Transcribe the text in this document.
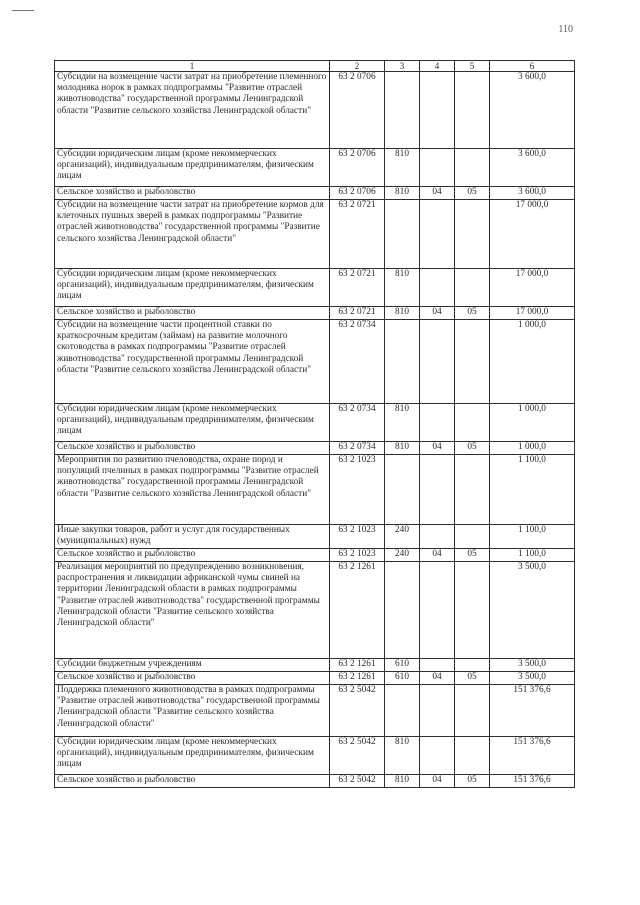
110
1	2	3	4	5	6
Субсидии на возмещение части затрат на приобретение племенного молодняка норок в рамках подпрограммы "Развитие отраслей животноводства" государственной программы Ленинградской области "Развитие сельского хозяйства Ленинградской области"	63 2 0706				3 600,0
Субсидии юридическим лицам (кроме некоммерческих организаций), индивидуальным предпринимателям, физическим лицам	63 2 0706	810			3 600,0
Сельское хозяйство и рыболовство	63 2 0706	810	04	05	3 600,0
Субсидии на возмещение части затрат на приобретение кормов для клеточных пушных зверей в рамках подпрограммы "Развитие отраслей животноводства" государственной программы "Развитие сельского хозяйства Ленинградской области"	63 2 0721				17 000,0
Субсидии юридическим лицам (кроме некоммерческих организаций), индивидуальным предпринимателям, физическим лицам	63 2 0721	810			17 000,0
Сельское хозяйство и рыболовство	63 2 0721	810	04	05	17 000,0
Субсидии на возмещение части процентной ставки по краткосрочным кредитам (займам) на развитие молочного скотоводства в рамках подпрограммы "Развитие отраслей животноводства" государственной программы Ленинградской области "Развитие сельского хозяйства Ленинградской области"	63 2 0734				1 000,0
Субсидии юридическим лицам (кроме некоммерческих организаций), индивидуальным предпринимателям, физическим лицам	63 2 0734	810			1 000,0
Сельское хозяйство и рыболовство	63 2 0734	810	04	05	1 000,0
Мероприятия по развитию пчеловодства, охране пород и популяций пчелиных в рамках подпрограммы "Развитие отраслей животноводства" государственной программы Ленинградской области "Развитие сельского хозяйства Ленинградской области"	63 2 1023				1 100,0
Иные закупки товаров, работ и услуг для государственных (муниципальных) нужд	63 2 1023	240			1 100,0
Сельское хозяйство и рыболовство	63 2 1023	240	04	05	1 100,0
Реализация мероприятий по предупреждению возникновения, распространения и ликвидации африканской чумы свиней на территории Ленинградской области в рамках подпрограммы "Развитие отраслей животноводства" государственной программы Ленинградской области "Развитие сельского хозяйства Ленинградской области"	63 2 1261				3 500,0
Субсидии бюджетным учреждениям	63 2 1261	610			3 500,0
Сельское хозяйство и рыболовство	63 2 1261	610	04	05	3 500,0
Поддержка племенного животноводства в рамках подпрограммы "Развитие отраслей животноводства" государственной программы Ленинградской области "Развитие сельского хозяйства Ленинградской области"	63 2 5042				151 376,6
Субсидии юридическим лицам (кроме некоммерческих организаций), индивидуальным предпринимателям, физическим лицам	63 2 5042	810			151 376,6
Сельское хозяйство и рыболовство	63 2 5042	810	04	05	151 376,6
